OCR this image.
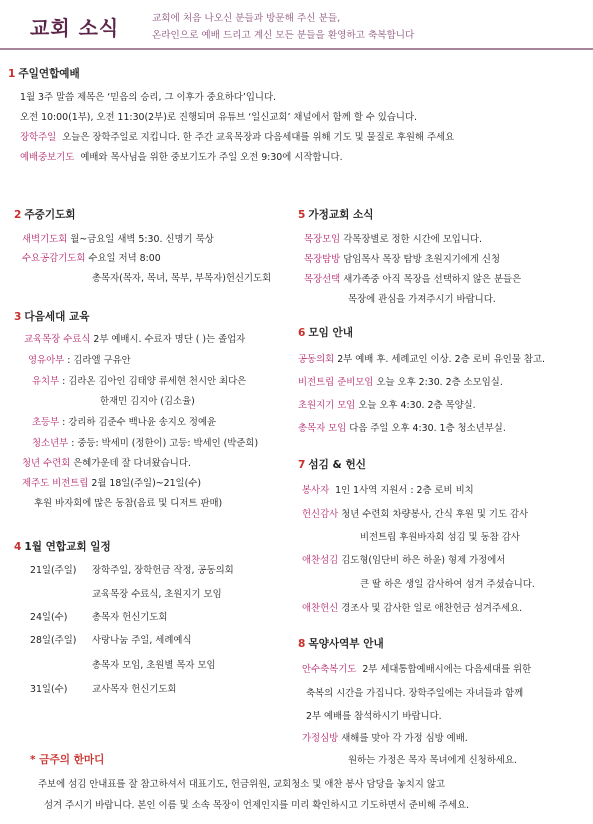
교회 소식	교회에 처음 나오신 분들과 방문해 주신 분들,
온라인으로 예배 드리고 계신 모든 분들을 환영하고 축복합니다
1 주일연합예배
1월 3주 말씀 제목은 ‘믿음의 승리, 그 이후가 중요하다’입니다.
오전 10:00(1부), 오전 11:30(2부)로 진행되며 유튜브 ‘일신교회’ 채널에서 함께 할 수 있습니다.
장학주일 오늘은 장학주일로 지킵니다. 한 주간 교육목장과 다음세대를 위해 기도 및 물질로 후원해 주세요
예배중보기도 예배와 목사님을 위한 중보기도가 주일 오전 9:30에 시작합니다.
2 주중기도회
새벽기도회 월~금요일 새벽 5:30. 신명기 묵상
수요공감기도회 수요일 저녁 8:00
총목자(목자, 목녀, 목부, 부목자)헌신기도회
3 다음세대 교육
교육목장 수료식 2부 예배시. 수료자 명단 ( )는 졸업자
영유아부 : 김라엘 구유안
유치부 : 김라온 김아인 김태양 류세현 천시안 최다은
한재민 김지아 (김소율)
초등부 : 강리하 김준수 백나윤 송지오 정예윤
청소년부 : 중등: 박세미 (정한이) 고등: 박세인 (박준희)
청년 수련회 은혜가운데 잘 다녀왔습니다.
제주도 비전트립 2월 18일(주일)~21일(수)
후원 바자회에 많은 동참(음료 및 디저트 판매)
4 1월 연합교회 일정
21일(주일) 장학주일, 장학헌금 작정, 공동의회
교육목장 수료식, 초원지기 모임
24일(수)	총목자 헌신기도회
28일(주일) 사랑나눔 주일, 세례예식
총목자 모임, 초원별 목자 모임
31일(수)	교사목자 헌신기도회
5 가정교회 소식
목장모임 각목장별로 정한 시간에 모입니다.
목장탐방 담임목사 목장 탐방 초원지기에게 신청
목장선택 새가족중 아직 목장을 선택하지 않은 분들은
목장에 관심을 가져주시기 바랍니다.
6 모임 안내
공동의회 2부 예배 후. 세례교인 이상. 2층 로비 유인물 참고.
비전트립 준비모임 오늘 오후 2:30. 2층 소모임실.
초원지기 모임 오늘 오후 4:30. 2층 목양실.
총목자 모임 다음 주일 오후 4:30. 1층 청소년부실.
7 섬김 & 헌신
봉사자 1인 1사역 지원서 : 2층 로비 비치
헌신감사 청년 수련회 차량봉사, 간식 후원 및 기도 감사
비전트립 후원바자회 섬김 및 동참 감사
애찬섬김 김도형(임단비 하은 하윤) 형제 가정에서
큰 딸 하은 생일 감사하여 섬겨 주셨습니다.
애찬헌신 경조사 및 감사한 일로 애찬헌금 섬겨주세요.
8 목양사역부 안내
안수축복기도 2부 세대통합예배시에는 다음세대를 위한
축복의 시간을 가집니다. 장학주일에는 자녀들과 함께
2부 예배를 참석하시기 바랍니다.
가정심방 새해를 맞아 각 가정 심방 예배.
원하는 가정은 목자 목녀에게 신청하세요.
* 금주의 한마디
주보에 섬김 안내표를 잘 참고하셔서 대표기도, 헌금위원, 교회청소 및 애찬 봉사 담당을 놓치지 않고
섬겨 주시기 바랍니다. 본인 이름 및 소속 목장이 언제인지를 미리 확인하시고 기도하면서 준비해 주세요.
